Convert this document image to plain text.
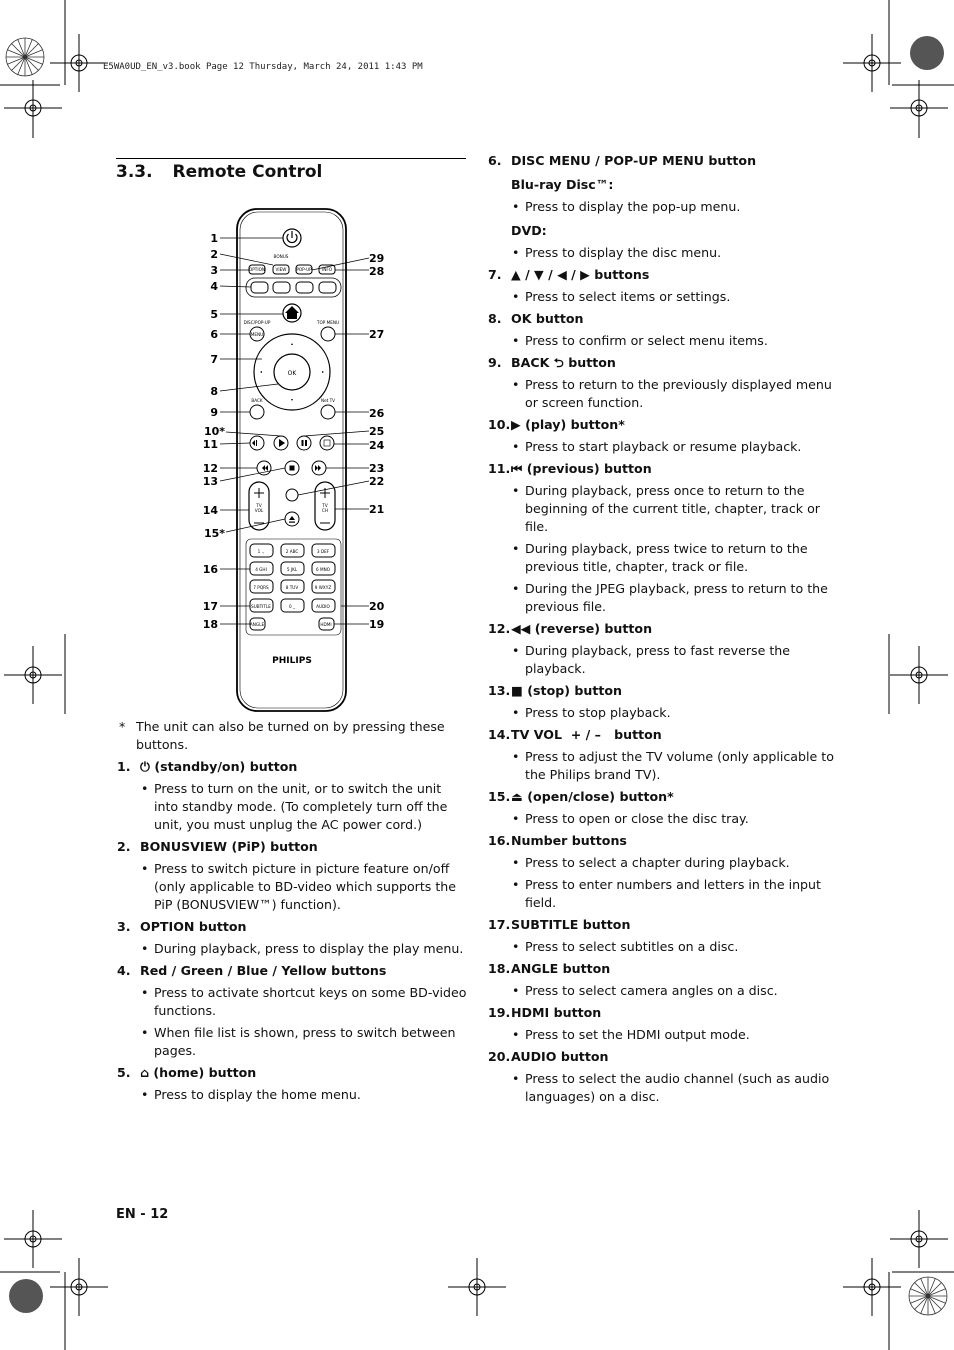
E5WA0UD_EN_v3.book Page 12 Thursday, March 24, 2011 1:43 PM
3.3. Remote Control
1
2
3
4
5
6
7
8
9
10*
11
12
13
14
15*
16
17
18
29
28
27
26
25
24
23
22
21
20
19
BONUS
VIEW
OPTION	POP-UP INFO
DISC/POP-UP
MENU
TOP MENU
BACK	Net TV
TV
VOL
TV
CH
SUBTITLE	AUDIO
ANGLE	HDMI
1 .,	2 ABC	3 DEF
4 GHI	5 JKL	6 MNO
7 PQRS	8 TUV	9 WXYZ
0 _
OK
PHILIPS
* The unit can also be turned on by pressing these buttons.

1. ⏻ (standby/on) button

• Press to turn on the unit, or to switch the unit into standby mode. (To completely turn off the unit, you must unplug the AC power cord.)

2. BONUSVIEW (PiP) button

• Press to switch picture in picture feature on/off (only applicable to BD-video which supports the PiP (BONUSVIEW™) function).

3. OPTION button

• During playback, press to display the play menu.

4. Red / Green / Blue / Yellow buttons

• Press to activate shortcut keys on some BD-video functions.

• When file list is shown, press to switch between pages.

5. ⌂ (home) button

• Press to display the home menu.

6. DISC MENU / POP-UP MENU button

Blu-ray Disc™:

• Press to display the pop-up menu.

DVD:

• Press to display the disc menu.

7. ▲ / ▼ / ◀ / ▶ buttons

• Press to select items or settings.

8. OK button

• Press to confirm or select menu items.

9. BACK ⮌ button

• Press to return to the previously displayed menu or screen function.

10. ▶ (play) button*

• Press to start playback or resume playback.

11. ⏮ (previous) button

• During playback, press once to return to the beginning of the current title, chapter, track or file.

• During playback, press twice to return to the previous title, chapter, track or file.

• During the JPEG playback, press to return to the previous file.

12. ◀◀ (reverse) button

• During playback, press to fast reverse the playback.

13. ■ (stop) button

• Press to stop playback.

14. TV VOL  + / –   button

• Press to adjust the TV volume (only applicable to the Philips brand TV).

15. ⏏ (open/close) button*

• Press to open or close the disc tray.

16. Number buttons

• Press to select a chapter during playback.

• Press to enter numbers and letters in the input field.

17. SUBTITLE button

• Press to select subtitles on a disc.

18. ANGLE button

• Press to select camera angles on a disc.

19. HDMI button

• Press to set the HDMI output mode.

20. AUDIO button

• Press to select the audio channel (such as audio languages) on a disc.

EN - 12
